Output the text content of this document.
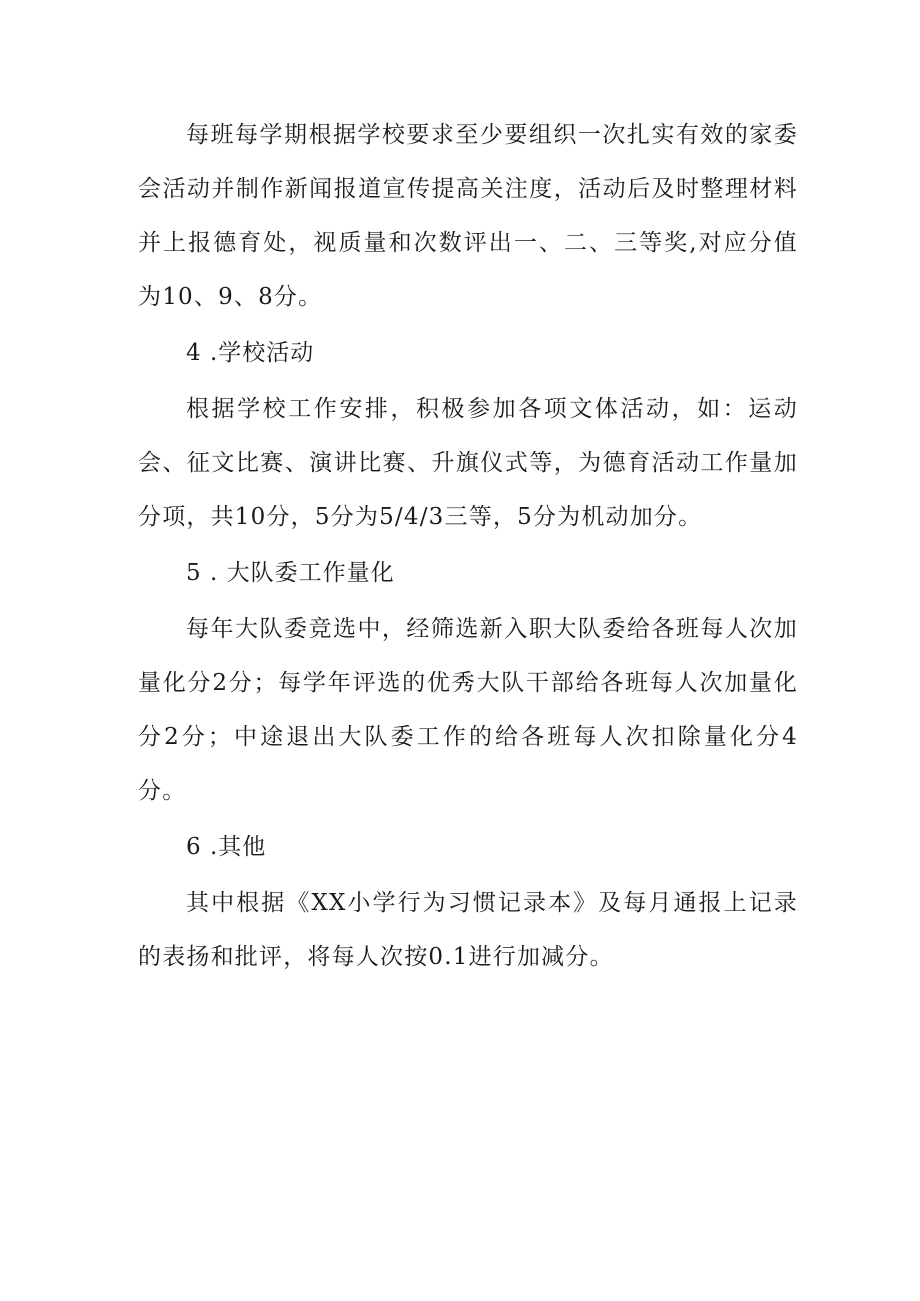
每班每学期根据学校要求至少要组织一次扎实有效的家委会活动并制作新闻报道宣传提高关注度，活动后及时整理材料并上报德育处，视质量和次数评出一、二、三等奖,对应分值为10、9、8分。

4 .学校活动

根据学校工作安排，积极参加各项文体活动，如：运动会、征文比赛、演讲比赛、升旗仪式等，为德育活动工作量加分项，共10分，5分为5/4/3三等，5分为机动加分。

5 . 大队委工作量化

每年大队委竞选中，经筛选新入职大队委给各班每人次加量化分2分；每学年评选的优秀大队干部给各班每人次加量化分2分；中途退出大队委工作的给各班每人次扣除量化分4分。

6 .其他

其中根据《XX小学行为习惯记录本》及每月通报上记录的表扬和批评，将每人次按0.1进行加减分。
